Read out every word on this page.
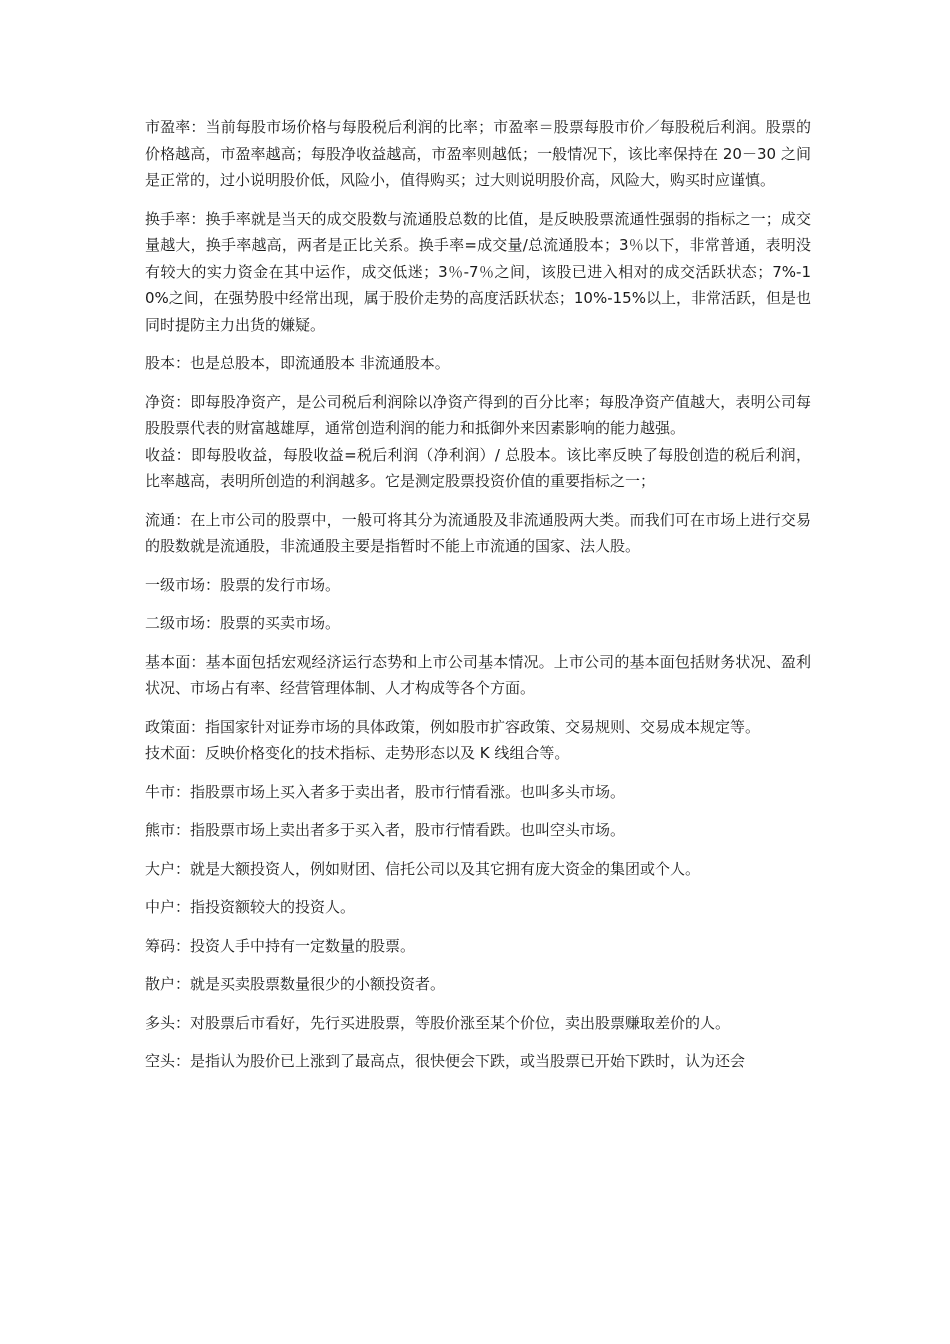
市盈率：当前每股市场价格与每股税后利润的比率；市盈率＝股票每股市价／每股税后利润。股票的价格越高，市盈率越高；每股净收益越高，市盈率则越低；一般情况下，该比率保持在 20－30 之间是正常的，过小说明股价低，风险小，值得购买；过大则说明股价高，风险大，购买时应谨慎。

换手率：换手率就是当天的成交股数与流通股总数的比值，是反映股票流通性强弱的指标之一；成交量越大，换手率越高，两者是正比关系。换手率=成交量/总流通股本；3％以下，非常普通，表明没有较大的实力资金在其中运作，成交低迷；3％-7％之间，该股已进入相对的成交活跃状态；7%-10%之间，在强势股中经常出现，属于股价走势的高度活跃状态；10%-15%以上，非常活跃，但是也同时提防主力出货的嫌疑。

股本：也是总股本，即流通股本 非流通股本。

净资：即每股净资产，是公司税后利润除以净资产得到的百分比率；每股净资产值越大，表明公司每股股票代表的财富越雄厚，通常创造利润的能力和抵御外来因素影响的能力越强。

收益：即每股收益，每股收益=税后利润（净利润）/ 总股本。该比率反映了每股创造的税后利润，比率越高，表明所创造的利润越多。它是测定股票投资价值的重要指标之一；

流通：在上市公司的股票中，一般可将其分为流通股及非流通股两大类。而我们可在市场上进行交易的股数就是流通股，非流通股主要是指暂时不能上市流通的国家、法人股。

一级市场：股票的发行市场。

二级市场：股票的买卖市场。

基本面：基本面包括宏观经济运行态势和上市公司基本情况。上市公司的基本面包括财务状况、盈利状况、市场占有率、经营管理体制、人才构成等各个方面。

政策面：指国家针对证券市场的具体政策，例如股市扩容政策、交易规则、交易成本规定等。

技术面：反映价格变化的技术指标、走势形态以及 K 线组合等。

牛市：指股票市场上买入者多于卖出者，股市行情看涨。也叫多头市场。

熊市：指股票市场上卖出者多于买入者，股市行情看跌。也叫空头市场。

大户：就是大额投资人，例如财团、信托公司以及其它拥有庞大资金的集团或个人。

中户：指投资额较大的投资人。

筹码：投资人手中持有一定数量的股票。

散户：就是买卖股票数量很少的小额投资者。

多头：对股票后市看好，先行买进股票，等股价涨至某个价位，卖出股票赚取差价的人。

空头：是指认为股价已上涨到了最高点，很快便会下跌，或当股票已开始下跌时，认为还会
